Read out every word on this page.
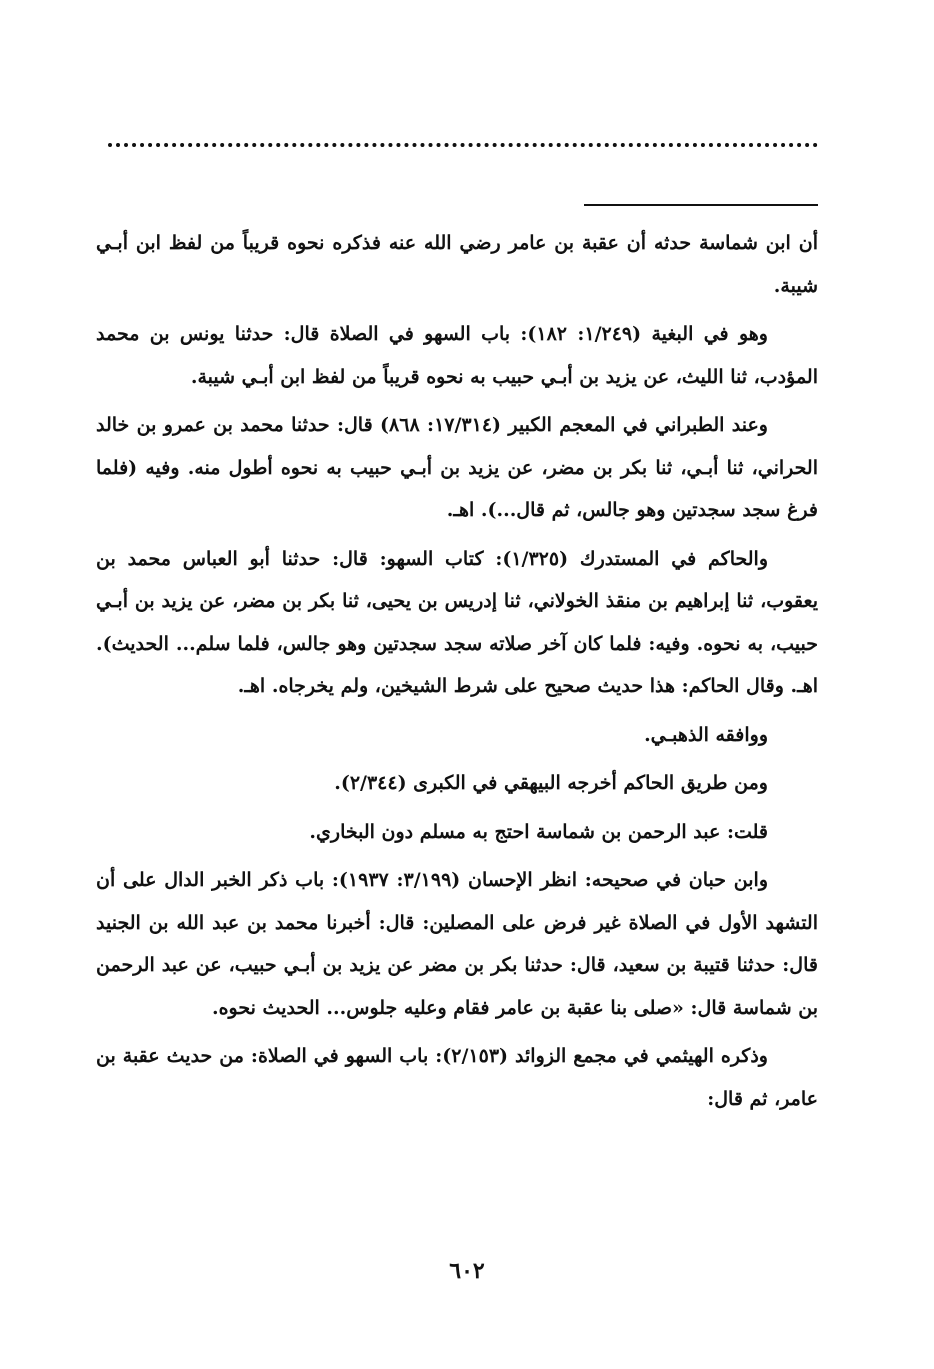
أن ابن شماسة حدثه أن عقبة بن عامر رضي الله عنه فذكره نحوه قريباً من لفظ ابن أبـي شيبة.

وهو في البغية (١/٢٤٩: ١٨٢): باب السهو في الصلاة قال: حدثنا يونس بن محمد المؤدب، ثنا الليث، عن يزيد بن أبـي حبيب به نحوه قريباً من لفظ ابن أبـي شيبة.

وعند الطبراني في المعجم الكبير (١٧/٣١٤: ٨٦٨) قال: حدثنا محمد بن عمرو بن خالد الحراني، ثنا أبـي، ثنا بكر بن مضر، عن يزيد بن أبـي حبيب به نحوه أطول منه. وفيه (فلما فرغ سجد سجدتين وهو جالس، ثم قال...). اهـ.

والحاكم في المستدرك (١/٣٢٥): كتاب السهو: قال: حدثنا أبو العباس محمد بن يعقوب، ثنا إبراهيم بن منقذ الخولاني، ثنا إدريس بن يحيى، ثنا بكر بن مضر، عن يزيد بن أبـي حبيب، به نحوه. وفيه: فلما كان آخر صلاته سجد سجدتين وهو جالس، فلما سلم... الحديث). اهـ. وقال الحاكم: هذا حديث صحيح على شرط الشيخين، ولم يخرجاه. اهـ.

ووافقه الذهبـي.

ومن طريق الحاكم أخرجه البيهقي في الكبرى (٢/٣٤٤).

قلت: عبد الرحمن بن شماسة احتج به مسلم دون البخاري.

وابن حبان في صحيحه: انظر الإحسان (٣/١٩٩: ١٩٣٧): باب ذكر الخبر الدال على أن التشهد الأول في الصلاة غير فرض على المصلين: قال: أخبرنا محمد بن عبد الله بن الجنيد قال: حدثنا قتيبة بن سعيد، قال: حدثنا بكر بن مضر عن يزيد بن أبـي حبيب، عن عبد الرحمن بن شماسة قال: «صلى بنا عقبة بن عامر فقام وعليه جلوس... الحديث نحوه.

وذكره الهيثمي في مجمع الزوائد (٢/١٥٣): باب السهو في الصلاة: من حديث عقبة بن عامر، ثم قال:

٦٠٢
